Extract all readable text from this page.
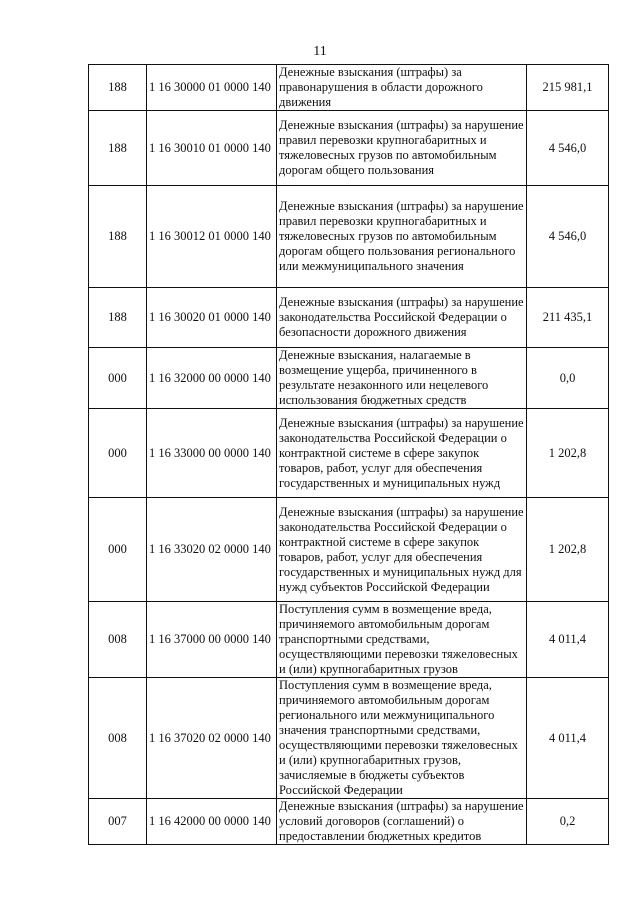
11
188	1 16 30000 01 0000 140	Денежные взыскания (штрафы) за правонарушения в области дорожного движения	215 981,1
188	1 16 30010 01 0000 140	Денежные взыскания (штрафы) за нарушение правил перевозки крупногабаритных и тяжеловесных грузов по автомобильным дорогам общего пользования	4 546,0
188	1 16 30012 01 0000 140	Денежные взыскания (штрафы) за нарушение правил перевозки крупногабаритных и тяжеловесных грузов по автомобильным дорогам общего пользования регионального или межмуниципального значения	4 546,0
188	1 16 30020 01 0000 140	Денежные взыскания (штрафы) за нарушение законодательства Российской Федерации о безопасности дорожного движения	211 435,1
000	1 16 32000 00 0000 140	Денежные взыскания, налагаемые в возмещение ущерба, причиненного в результате незаконного или нецелевого использования бюджетных средств	0,0
000	1 16 33000 00 0000 140	Денежные взыскания (штрафы) за нарушение законодательства Российской Федерации о контрактной системе в сфере закупок товаров, работ, услуг для обеспечения государственных и муниципальных нужд	1 202,8
000	1 16 33020 02 0000 140	Денежные взыскания (штрафы) за нарушение законодательства Российской Федерации о контрактной системе в сфере закупок товаров, работ, услуг для обеспечения государственных и муниципальных нужд для нужд субъектов Российской Федерации	1 202,8
008	1 16 37000 00 0000 140	Поступления сумм в возмещение вреда, причиняемого автомобильным дорогам транспортными средствами, осуществляющими перевозки тяжеловесных и (или) крупногабаритных грузов	4 011,4
008	1 16 37020 02 0000 140	Поступления сумм в возмещение вреда, причиняемого автомобильным дорогам регионального или межмуниципального значения транспортными средствами, осуществляющими перевозки тяжеловесных и (или) крупногабаритных грузов, зачисляемые в бюджеты субъектов Российской Федерации	4 011,4
007	1 16 42000 00 0000 140	Денежные взыскания (штрафы) за нарушение условий договоров (соглашений) о предоставлении бюджетных кредитов	0,2
